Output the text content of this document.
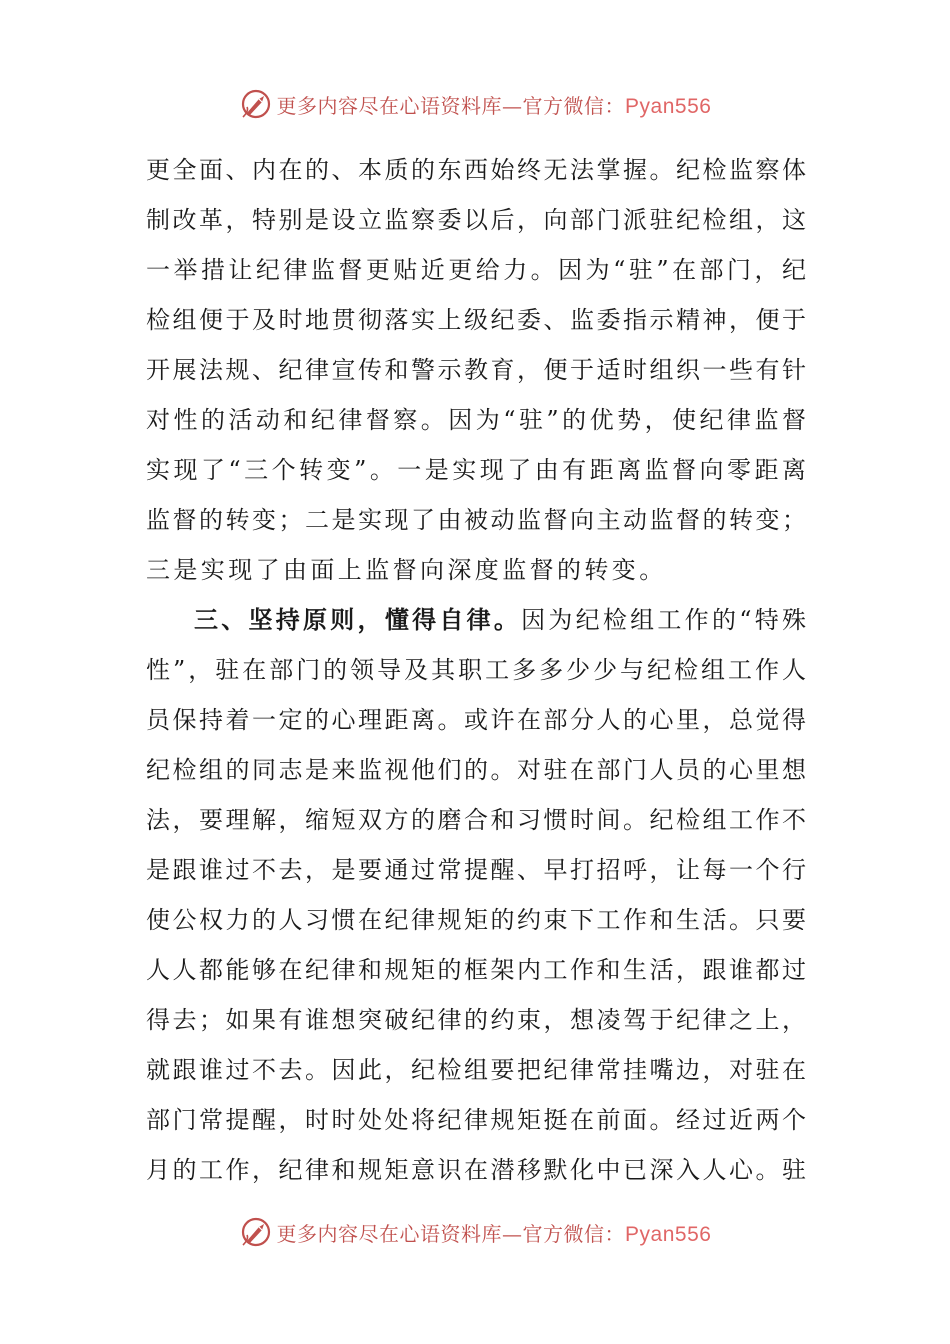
更多内容尽在心语资料库—官方微信：Pyan556
更全面、内在的、本质的东西始终无法掌握。纪检监察体
制改革，特别是设立监察委以后，向部门派驻纪检组，这
一举措让纪律监督更贴近更给力。因为“驻”在部门，纪
检组便于及时地贯彻落实上级纪委、监委指示精神，便于
开展法规、纪律宣传和警示教育，便于适时组织一些有针
对性的活动和纪律督察。因为“驻”的优势，使纪律监督
实现了“三个转变”。一是实现了由有距离监督向零距离
监督的转变；二是实现了由被动监督向主动监督的转变；
三是实现了由面上监督向深度监督的转变。
三、坚持原则，懂得自律。因为纪检组工作的“特殊
性”，驻在部门的领导及其职工多多少少与纪检组工作人
员保持着一定的心理距离。或许在部分人的心里，总觉得
纪检组的同志是来监视他们的。对驻在部门人员的心里想
法，要理解，缩短双方的磨合和习惯时间。纪检组工作不
是跟谁过不去，是要通过常提醒、早打招呼，让每一个行
使公权力的人习惯在纪律规矩的约束下工作和生活。只要
人人都能够在纪律和规矩的框架内工作和生活，跟谁都过
得去；如果有谁想突破纪律的约束，想凌驾于纪律之上，
就跟谁过不去。因此，纪检组要把纪律常挂嘴边，对驻在
部门常提醒，时时处处将纪律规矩挺在前面。经过近两个
月的工作，纪律和规矩意识在潜移默化中已深入人心。驻
更多内容尽在心语资料库—官方微信：Pyan556
